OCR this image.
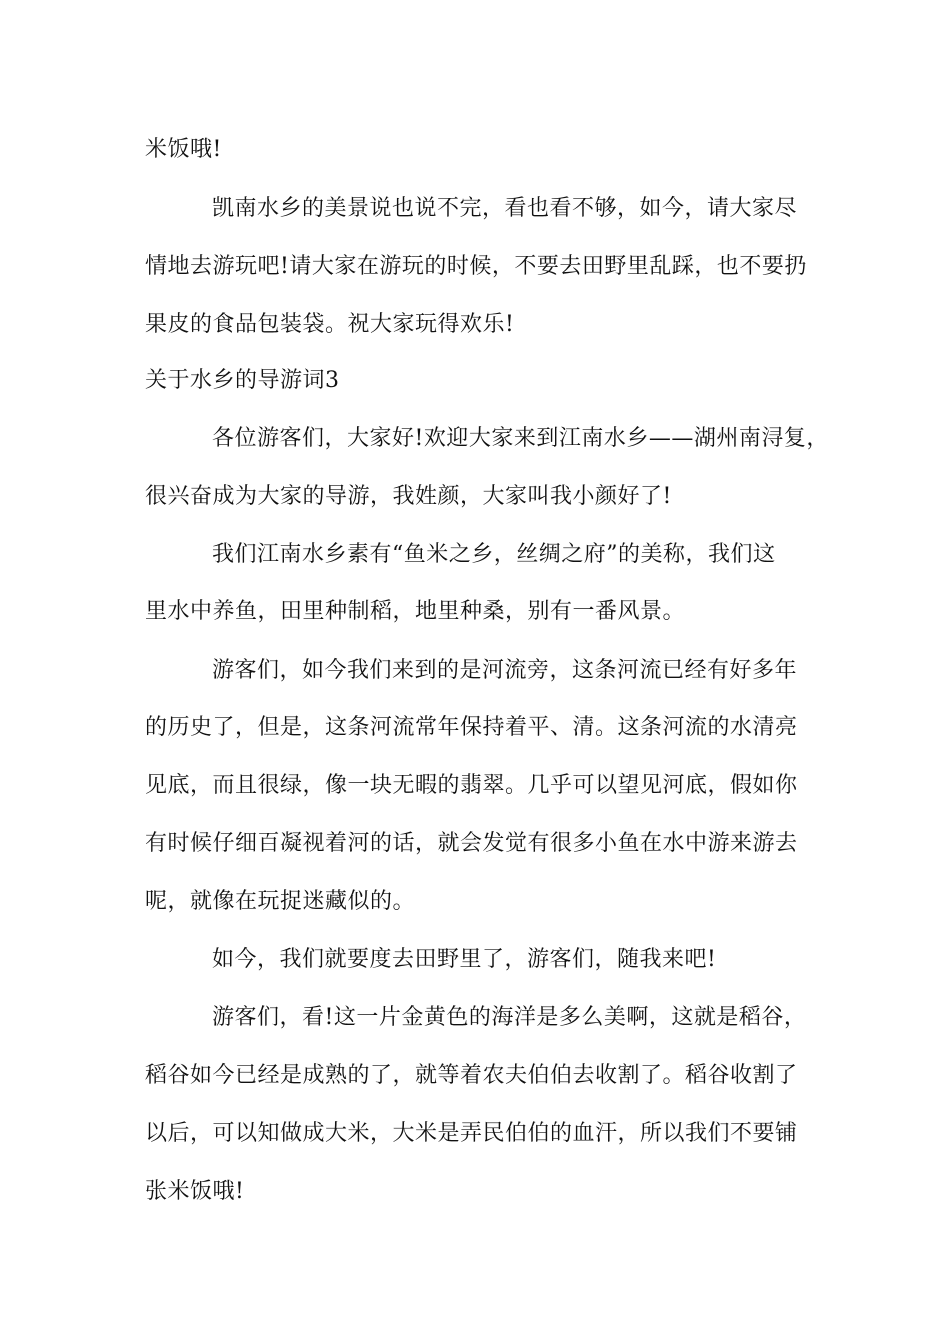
米饭哦!
凯南水乡的美景说也说不完，看也看不够，如今，请大家尽
情地去游玩吧!请大家在游玩的时候，不要去田野里乱踩，也不要扔
果皮的食品包装袋。祝大家玩得欢乐!
关于水乡的导游词3
各位游客们，大家好!欢迎大家来到江南水乡——湖州南浔复，
很兴奋成为大家的导游，我姓颜，大家叫我小颜好了!
我们江南水乡素有“鱼米之乡，丝绸之府”的美称，我们这
里水中养鱼，田里种制稻，地里种桑，别有一番风景。
游客们，如今我们来到的是河流旁，这条河流已经有好多年
的历史了，但是，这条河流常年保持着平、清。这条河流的水清亮
见底，而且很绿，像一块无暇的翡翠。几乎可以望见河底，假如你
有时候仔细百凝视着河的话，就会发觉有很多小鱼在水中游来游去
呢，就像在玩捉迷藏似的。
如今，我们就要度去田野里了，游客们，随我来吧!
游客们，看!这一片金黄色的海洋是多么美啊，这就是稻谷，
稻谷如今已经是成熟的了，就等着农夫伯伯去收割了。稻谷收割了
以后，可以知做成大米，大米是弄民伯伯的血汗，所以我们不要铺
张米饭哦!
